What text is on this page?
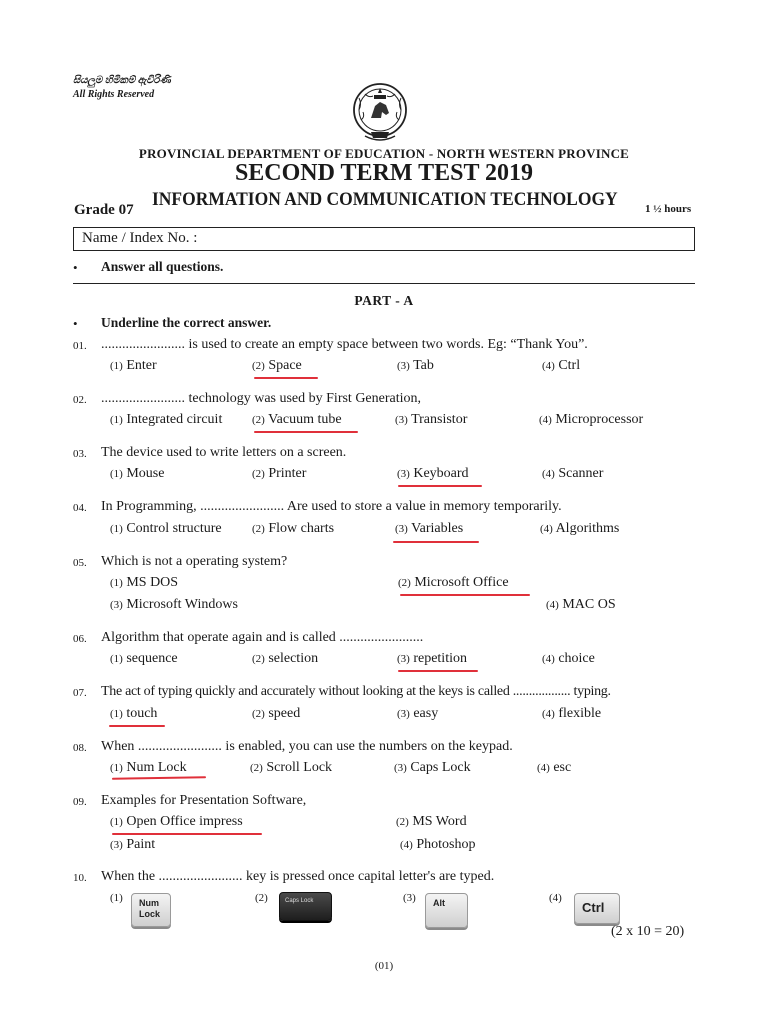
සියලුම හිමිකම් ඇවිරිණි
All Rights Reserved
PROVINCIAL DEPARTMENT OF EDUCATION - NORTH WESTERN PROVINCE
SECOND TERM TEST 2019
INFORMATION AND COMMUNICATION TECHNOLOGY
Grade 07	1 ½ hours
Name / Index No. :
• Answer all questions.
PART - A
• Underline the correct answer.
01. ........................ is used to create an empty space between two words. Eg: “Thank You”.
(1) Enter	(2) Space	(3) Tab	(4) Ctrl
02. ........................ technology was used by First Generation,
(1) Integrated circuit	(2) Vacuum tube	(3) Transistor	(4) Microprocessor
03. The device used to write letters on a screen.
(1) Mouse	(2) Printer	(3) Keyboard	(4) Scanner
04. In Programming, ........................ Are used to store a value in memory temporarily.
(1) Control structure	(2) Flow charts	(3) Variables	(4) Algorithms
05. Which is not a operating system?
(1) MS DOS	(2) Microsoft Office
(3) Microsoft Windows	(4) MAC OS
06. Algorithm that operate again and is called ........................
(1) sequence	(2) selection	(3) repetition	(4) choice
07. The act of typing quickly and accurately without looking at the keys is called .................. typing.
(1) touch	(2) speed	(3) easy	(4) flexible
08. When ........................ is enabled, you can use the numbers on the keypad.
(1) Num Lock	(2) Scroll Lock	(3) Caps Lock	(4) esc
09. Examples for Presentation Software,
(1) Open Office impress	(2) MS Word
(3) Paint	(4) Photoshop
10. When the ........................ key is pressed once capital letter's are typed.
(1)	Num Lock
(2)	Caps Lock	(3)	Alt	(4)
Ctrl
(2 x 10 = 20)
(01)
